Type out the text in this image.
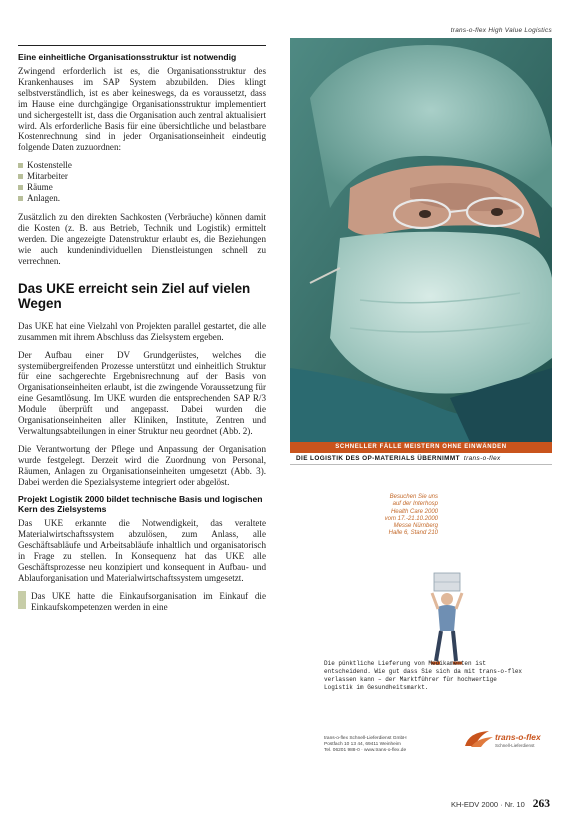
Eine einheitliche Organisationsstruktur ist notwendig

Zwingend erforderlich ist es, die Organisationsstruktur des Krankenhauses im SAP System abzubilden. Dies klingt selbstverständlich, ist es aber keineswegs, da es voraussetzt, dass im Hause eine durchgängige Organisationsstruktur implementiert und sichergestellt ist, dass die Organisation auch zentral aktualisiert wird. Als erforderliche Basis für eine übersichtliche und belastbare Kostenrechnung sind in jeder Organisationseinheit eindeutig folgende Daten zuzuordnen:

Kostenstelle
Mitarbeiter
Räume
Anlagen.

Zusätzlich zu den direkten Sachkosten (Verbräuche) können damit die Kosten (z. B. aus Betrieb, Technik und Logistik) ermittelt werden. Die angezeigte Datenstruktur erlaubt es, die Beziehungen wie auch kundenindividuellen Dienstleistungen schnell zu verrechnen.

Das UKE erreicht sein Ziel auf vielen Wegen

Das UKE hat eine Vielzahl von Projekten parallel gestartet, die alle zusammen mit ihrem Abschluss das Zielsystem ergeben.

Der Aufbau einer DV Grundgerüstes, welches die systemübergreifenden Prozesse unterstützt und einheitlich Struktur für eine sachgerechte Ergebnisrechnung auf der Basis von Organisationseinheiten erlaubt, ist die zwingende Voraussetzung für eine Gesamtlösung. Im UKE wurden die entsprechenden SAP R/3 Module überprüft und angepasst. Dabei wurden die Organisationseinheiten aller Kliniken, Institute, Zentren und Verwaltungsabteilungen in einer Struktur neu geordnet (Abb. 2).

Die Verantwortung der Pflege und Anpassung der Organisation wurde festgelegt. Derzeit wird die Zuordnung von Personal, Räumen, Anlagen zu Organisationseinheiten umgesetzt (Abb. 3). Dabei werden die Spezialsysteme integriert oder abgelöst.

Projekt Logistik 2000 bildet technische Basis und logischen Kern des Zielsystems

Das UKE erkannte die Notwendigkeit, das veraltete Materialwirtschaftssystem abzulösen, zum Anlass, alle Geschäftsabläufe und Arbeitsabläufe inhaltlich und organisatorisch in Frage zu stellen. In Konsequenz hat das UKE alle Geschäftsprozesse neu konzipiert und konsequent in Aufbau- und Ablauforganisation und Materialwirtschaftssystem umgesetzt.

Das UKE hatte die Einkaufsorganisation im Einkauf die Einkaufskompetenzen werden in eine

trans-o-flex High Value Logistics
SCHNELLER FÄLLE MEISTERN OHNE EINWÄNDEN
DIE LOGISTIK DES OP-MATERIALS ÜBERNIMMT trans-o-flex
Besuchen Sie uns
auf der Interhosp
Health Care 2000
vom 17.-21.10.2000
Messe Nürnberg
Halle 6, Stand 210
Die pünktliche Lieferung von Medikamenten ist entscheidend. Wie gut dass Sie sich da mit trans-o-flex verlassen kann – der Marktführer für hochwertige Logistik im Gesundheitsmarkt.
trans-o-flex Schnell-Lieferdienst GmbH
Postfach 10 13 44, 69411 Weinheim
Tel. 06201 988-0 · www.trans-o-flex.de
trans-o-flex
Schnell-Lieferdienst
KH-EDV 2000 · Nr. 10 263
